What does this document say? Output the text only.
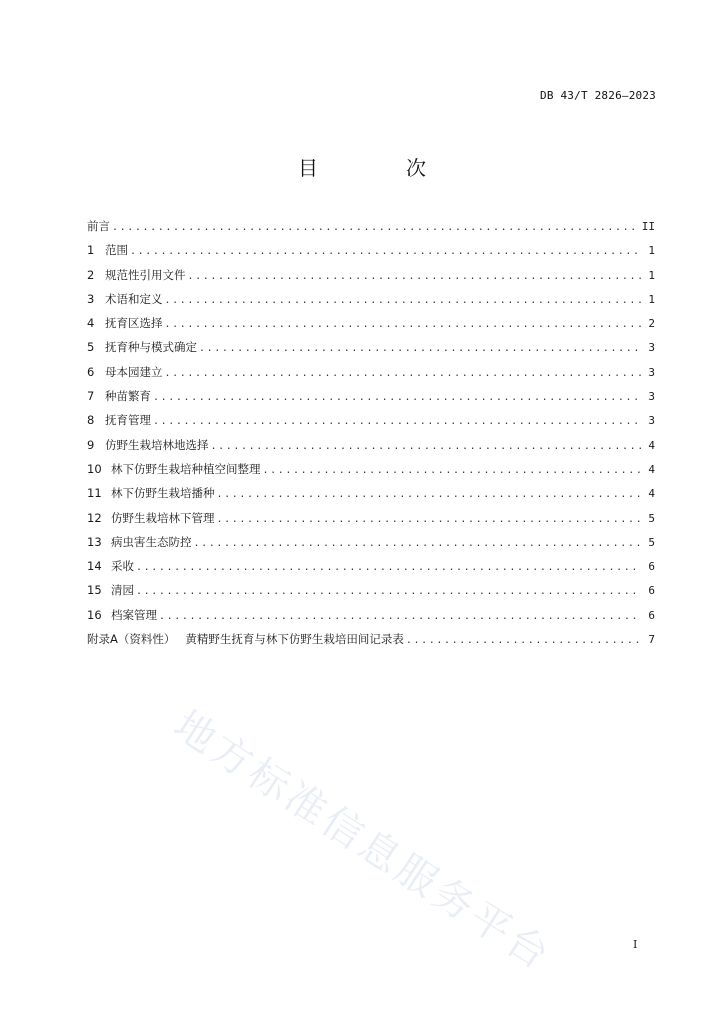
DB 43/T 2826—2023
目　次
前言 .....	II
1 范围 .....	1
2 规范性引用文件 .....	1
3 术语和定义 .....	1
4 抚育区选择 .....	2
5 抚育种与模式确定 .....	3
6 母本园建立 .....	3
7 种苗繁育 .....	3
8 抚育管理 .....	3
9 仿野生栽培林地选择 .....	4
10 林下仿野生栽培种植空间整理 .....	4
11 林下仿野生栽培播种 .....	4
12 仿野生栽培林下管理 .....	5
13 病虫害生态防控 .....	5
14 采收 .....	6
15 清园 .....	6
16 档案管理 .....	6
附录A（资料性） 黄精野生抚育与林下仿野生栽培田间记录表 .....	7
地方标准信息服务平台	I
